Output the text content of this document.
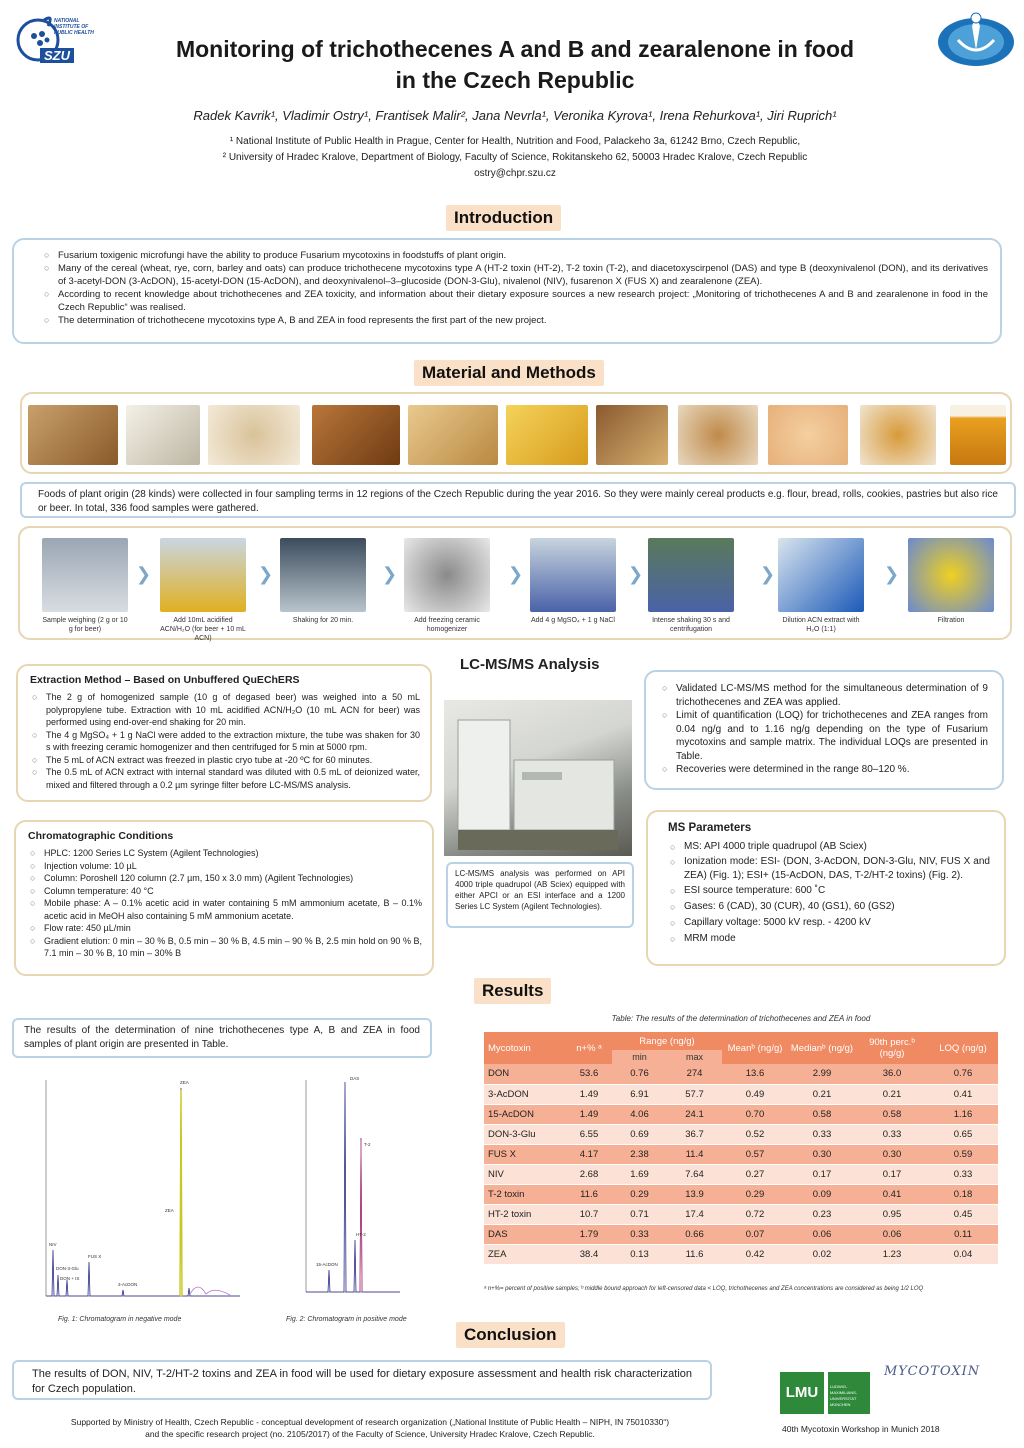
NATIONAL INSTITUTE OF PUBLIC HEALTH
SZU	Monitoring of trichothecenes A and B and zearalenone in food
in the Czech Republic
Radek Kavrik¹, Vladimir Ostry¹, Frantisek Malir², Jana Nevrla¹, Veronika Kyrova¹, Irena Rehurkova¹, Jiri Ruprich¹
¹ National Institute of Public Health in Prague, Center for Health, Nutrition and Food, Palackeho 3a, 61242 Brno, Czech Republic,
² University of Hradec Kralove, Department of Biology, Faculty of Science, Rokitanskeho 62, 50003 Hradec Kralove, Czech Republic
ostry@chpr.szu.cz
Introduction
○ Fusarium toxigenic microfungi have the ability to produce Fusarium mycotoxins in foodstuffs of plant origin.
○ Many of the cereal (wheat, rye, corn, barley and oats) can produce trichothecene mycotoxins type A (HT-2 toxin (HT-2), T-2 toxin (T-2), and diacetoxyscirpenol (DAS) and type B (deoxynivalenol (DON), and its derivatives of 3-acetyl-DON (3-AcDON), 15-acetyl-DON (15-AcDON), and deoxynivalenol–3–glucoside (DON-3-Glu), nivalenol (NIV), fusarenon X (FUS X) and zearalenone (ZEA).
○ According to recent knowledge about trichothecenes and ZEA toxicity, and information about their dietary exposure sources a new research project: „Monitoring of trichothecenes A and B and zearalenone in food in the Czech Republic“ was realised.
○ The determination of trichothecene mycotoxins type A, B and ZEA in food represents the first part of the new project.
Material and Methods
Foods of plant origin (28 kinds) were collected in four sampling terms in 12 regions of the Czech Republic during the year 2016. So they were mainly cereal products e.g. flour, bread, rolls, cookies, pastries but also rice or beer. In total, 336 food samples were gathered.
Sample weighing (2 g or 10 g for beer)
❯
Add 10mL acidified ACN/H₂O (for beer + 10 mL ACN)
❯
Shaking for 20 min.
❯
Add freezing ceramic homogenizer
❯
Add 4 g MgSO₄ + 1 g NaCl
❯
Intense shaking 30 s and centrifugation
❯
Dilution ACN extract with H₂O (1:1)
❯
Filtration
Extraction Method – Based on Unbuffered QuEChERS
○ The 2 g of homogenized sample (10 g of degased beer) was weighed into a 50 mL polypropylene tube. Extraction with 10 mL acidified ACN/H₂O (10 mL ACN for beer) was performed using end-over-end shaking for 20 min.
○ The 4 g MgSO₄ + 1 g NaCl were added to the extraction mixture, the tube was shaken for 30 s with freezing ceramic homogenizer and then centrifuged for 5 min at 5000 rpm.
○ The 5 mL of ACN extract was freezed in plastic cryo tube at -20 ºC for 60 minutes.
○ The 0.5 mL of ACN extract with internal standard was diluted with 0.5 mL of deionized water, mixed and filtered through a 0.2 µm syringe filter before LC-MS/MS analysis.
Chromatographic Conditions
○ HPLC: 1200 Series LC System (Agilent Technologies)
○ Injection volume: 10 µL
○ Column: Poroshell 120 column (2.7 µm, 150 x 3.0 mm) (Agilent Technologies)
○ Column temperature: 40 °C
○ Mobile phase: A – 0.1% acetic acid in water containing 5 mM ammonium acetate, B – 0.1% acetic acid in MeOH also containing 5 mM ammonium acetate.
○ Flow rate: 450 µL/min
○ Gradient elution: 0 min – 30 % B, 0.5 min – 30 % B, 4.5 min – 90 % B, 2.5 min hold on 90 % B, 7.1 min – 30 % B, 10 min – 30% B
LC-MS/MS Analysis
LC-MS/MS analysis was performed on API 4000 triple quadrupol (AB Sciex) equipped with either APCI or an ESI interface and a 1200 Series LC System (Agilent Technologies).
○ Validated LC-MS/MS method for the simultaneous determination of 9 trichothecenes and ZEA was applied.
○ Limit of quantification (LOQ) for trichothecenes and ZEA ranges from 0.04 ng/g and to 1.16 ng/g depending on the type of Fusarium mycotoxins and sample matrix. The individual LOQs are presented in Table.
○ Recoveries were determined in the range 80–120 %.
MS Parameters
○ MS: API 4000 triple quadrupol (AB Sciex)
○ Ionization mode: ESI- (DON, 3-AcDON, DON-3-Glu, NIV, FUS X and ZEA) (Fig. 1); ESI+ (15-AcDON, DAS, T-2/HT-2 toxins) (Fig. 2).
○ ESI source temperature: 600 ˚C
○ Gases: 6 (CAD), 30 (CUR), 40 (GS1), 60 (GS2)
○ Capillary voltage: 5000 kV resp. - 4200 kV
○ MRM mode
Results
The results of the determination of nine trichothecenes type A, B and ZEA in food samples of plant origin are presented in Table.
Table: The results of the determination of trichothecenes and ZEA in food
Mycotoxin	n+% ᵃ	Range (ng/g)		Meanᵇ (ng/g)	Medianᵇ (ng/g)	90th perc.ᵇ (ng/g)	LOQ (ng/g)
		min	max				
DON	53.6	0.76	274	13.6	2.99	36.0	0.76
3-AcDON	1.49	6.91	57.7	0.49	0.21	0.21	0.41
15-AcDON	1.49	4.06	24.1	0.70	0.58	0.58	1.16
DON-3-Glu	6.55	0.69	36.7	0.52	0.33	0.33	0.65
FUS X	4.17	2.38	11.4	0.57	0.30	0.30	0.59
NIV	2.68	1.69	7.64	0.27	0.17	0.17	0.33
T-2 toxin	11.6	0.29	13.9	0.29	0.09	0.41	0.18
HT-2 toxin	10.7	0.71	17.4	0.72	0.23	0.95	0.45
DAS	1.79	0.33	0.66	0.07	0.06	0.06	0.11
ZEA	38.4	0.13	11.6	0.42	0.02	1.23	0.04
ᵃ n+%= percent of positive samples; ᵇ middle bound approach for left-censored data < LOQ, trichothecenes and ZEA concentrations are considered as being 1/2 LOQ
NIV
DON-3-Glu
DON + IS
FUS X
3-AcDON
ZEA
ZEA
Fig. 1: Chromatogram in negative mode
15-AcDON
HT-2
DAS
T-2
Fig. 2: Chromatogram in positive mode
Conclusion
The results of DON, NIV, T-2/HT-2 toxins and ZEA in food will be used for dietary exposure assessment and health risk characterization for Czech population.
Supported by Ministry of Health, Czech Republic - conceptual development of research organization („National Institute of Public Health – NIPH, IN 75010330“)
and the specific research project (no. 2105/2017) of the Faculty of Science, University Hradec Kralove, Czech Republic.
LMU	LUDWIG-MAXIMILIANS-UNIVERSITÄT MÜNCHEN
MYCOTOXIN
40th Mycotoxin Workshop in Munich 2018
